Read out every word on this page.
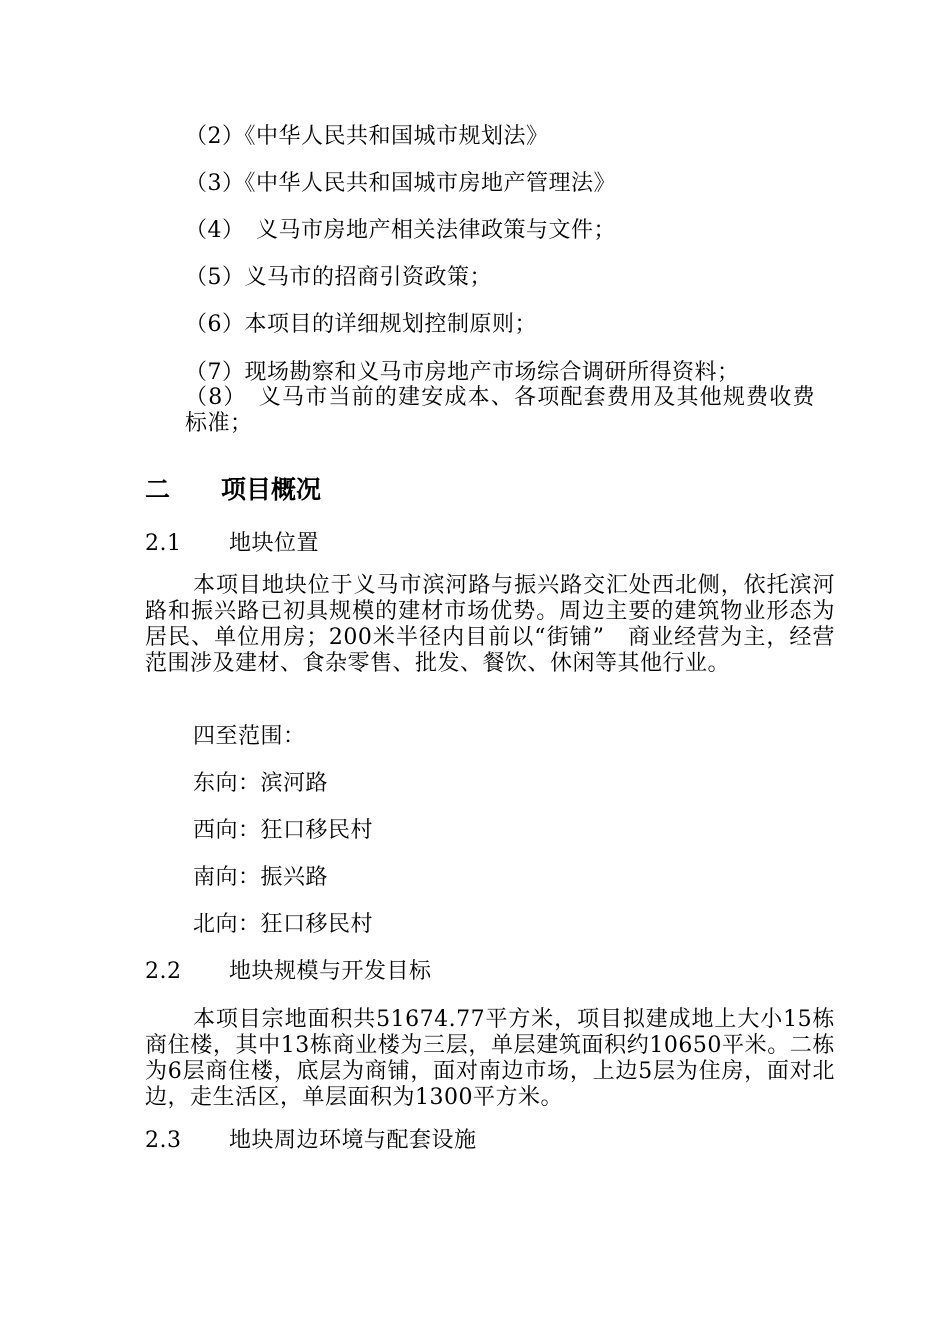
（2）《中华人民共和国城市规划法》
（3）《中华人民共和国城市房地产管理法》
（4）　义马市房地产相关法律政策与文件；
（5）义马市的招商引资政策；
（6）本项目的详细规划控制原则；
（7）现场勘察和义马市房地产市场综合调研所得资料；
（8）　义马市当前的建安成本、各项配套费用及其他规费收费标准；
二 项目概况
2.1 地块位置
本项目地块位于义马市滨河路与振兴路交汇处西北侧，依托滨河路和振兴路已初具规模的建材市场优势。周边主要的建筑物业形态为居民、单位用房；200米半径内目前以“街铺”　商业经营为主，经营范围涉及建材、食杂零售、批发、餐饮、休闲等其他行业。
四至范围：
东向：滨河路
西向：狂口移民村
南向：振兴路
北向：狂口移民村
2.2 地块规模与开发目标
本项目宗地面积共51674.77平方米，项目拟建成地上大小15栋商住楼，其中13栋商业楼为三层，单层建筑面积约10650平米。二栋为6层商住楼，底层为商铺，面对南边市场，上边5层为住房，面对北边，走生活区，单层面积为1300平方米。
2.3 地块周边环境与配套设施
